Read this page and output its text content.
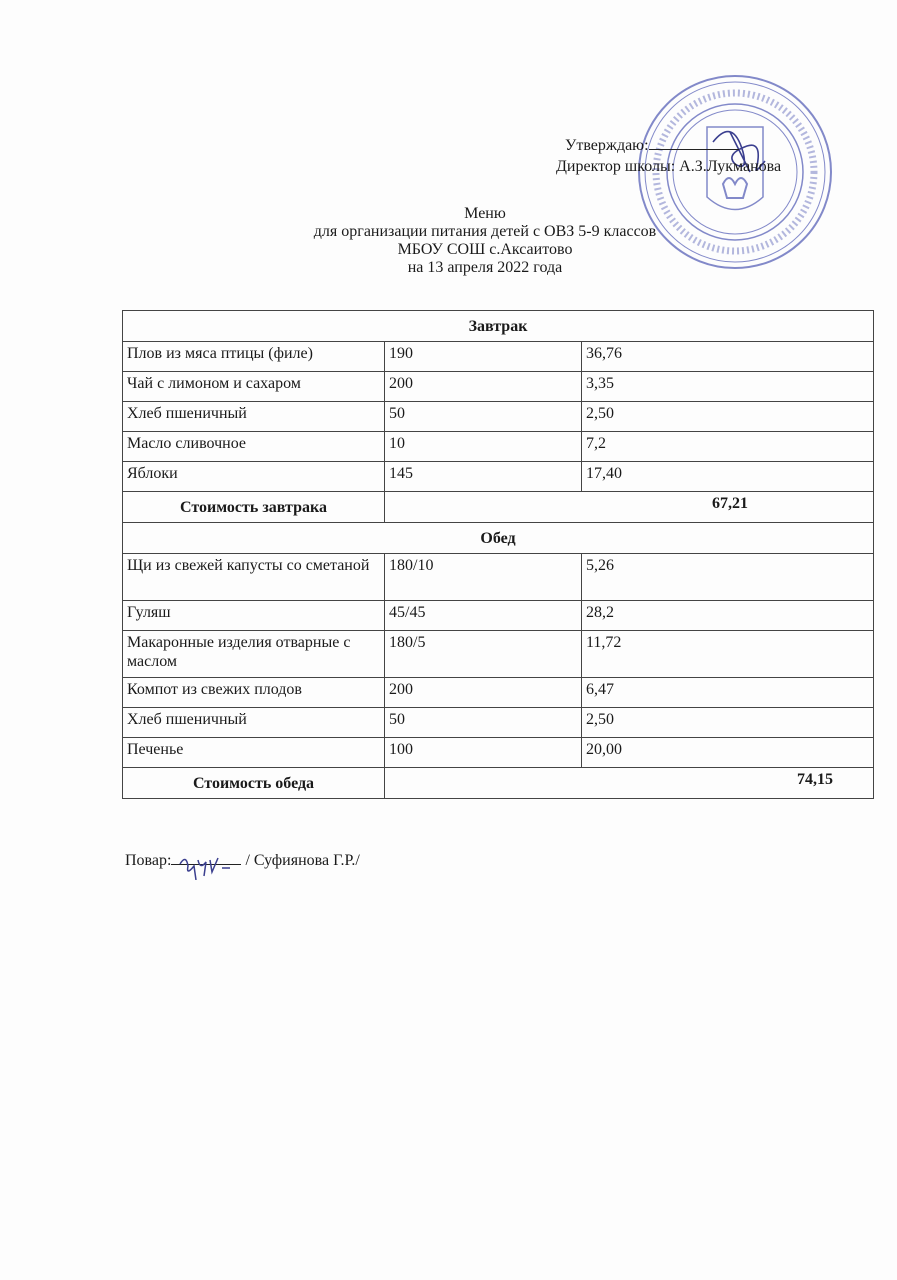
Утверждаю:
Директор школы: А.З.Лукманова
Меню
для организации питания детей с ОВЗ 5-9 классов
МБОУ СОШ с.Аксаитово
на 13 апреля 2022 года
Завтрак		
Плов из мяса птицы (филе)	190	36,76
Чай с лимоном и сахаром	200	3,35
Хлеб пшеничный	50	2,50
Масло сливочное	10	7,2
Яблоки	145	17,40
Стоимость завтрака	67,21	
Обед		
Щи из свежей капусты со сметаной	180/10	5,26
Гуляш	45/45	28,2
Макаронные изделия отварные с маслом	180/5	11,72
Компот из свежих плодов	200	6,47
Хлеб пшеничный	50	2,50
Печенье	100	20,00
Стоимость обеда	74,15	
Повар:	/ Суфиянова Г.Р./
